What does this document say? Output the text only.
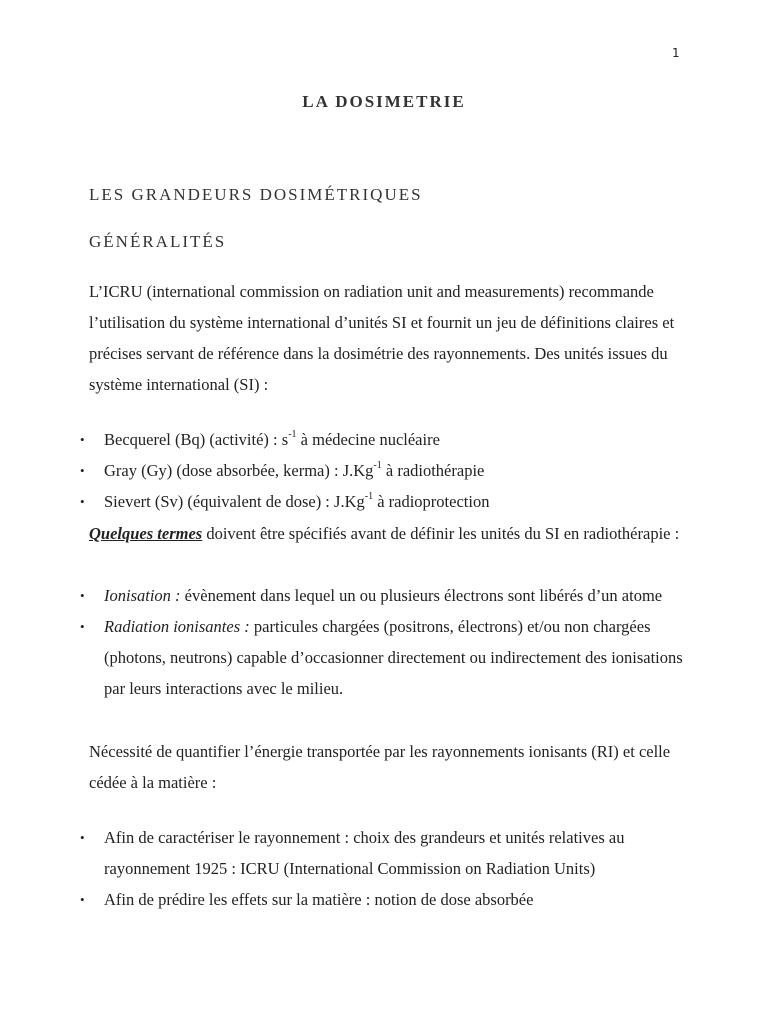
1
LA DOSIMETRIE
LES GRANDEURS DOSIMÉTRIQUES
GÉNÉRALITÉS
L’ICRU (international commission on radiation unit and measurements) recommande l’utilisation du système international d’unités SI et fournit un jeu de définitions claires et précises servant de référence dans la dosimétrie des rayonnements. Des unités issues du système international (SI) :
• Becquerel (Bq) (activité) : $s^{-1}$ à médecine nucléaire
• Gray (Gy) (dose absorbée, kerma) : $J.Kg^{-1}$ à radiothérapie
• Sievert (Sv) (équivalent de dose) : $J.Kg^{-1}$ à radioprotection
Quelques termes doivent être spécifiés avant de définir les unités du SI en radiothérapie :
• Ionisation : évènement dans lequel un ou plusieurs électrons sont libérés d’un atome
• Radiation ionisantes : particules chargées (positrons, électrons) et/ou non chargées (photons, neutrons) capable d’occasionner directement ou indirectement des ionisations par leurs interactions avec le milieu.
Nécessité de quantifier l’énergie transportée par les rayonnements ionisants (RI) et celle cédée à la matière :
• Afin de caractériser le rayonnement : choix des grandeurs et unités relatives au rayonnement 1925 : ICRU (International Commission on Radiation Units)
• Afin de prédire les effets sur la matière : notion de dose absorbée
